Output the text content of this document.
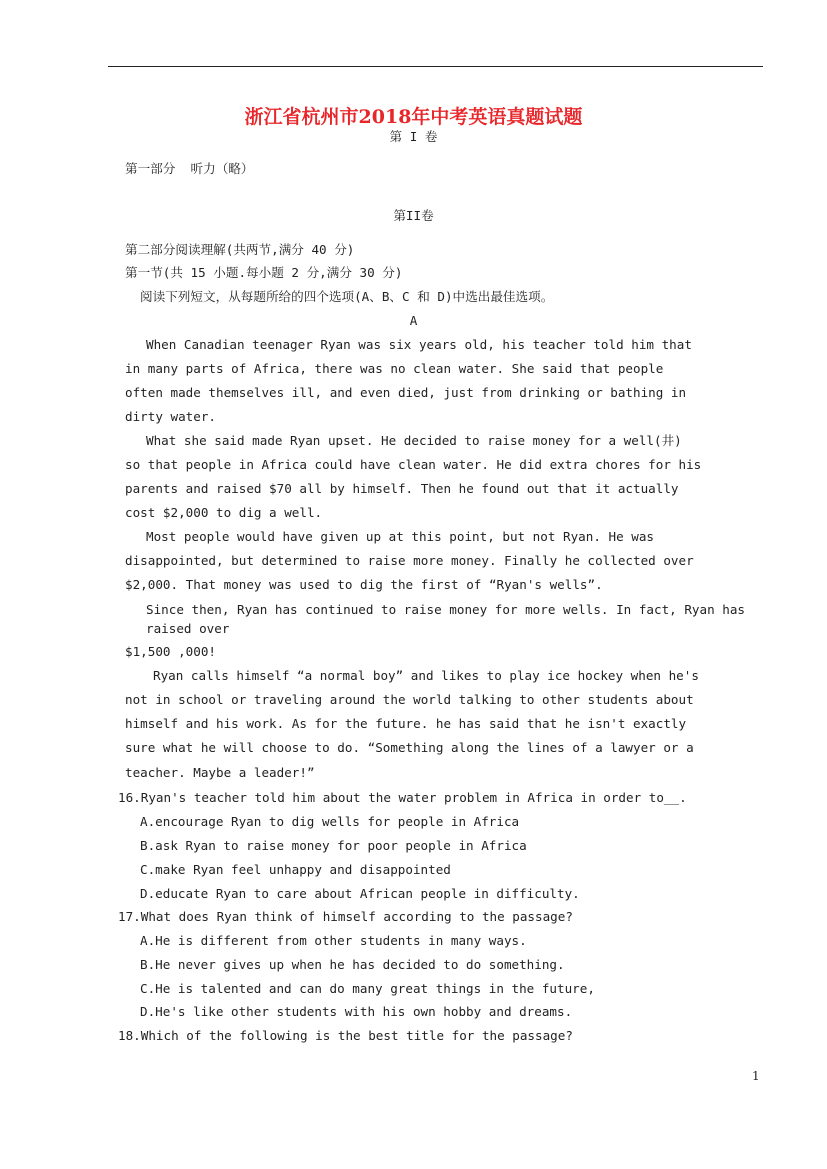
浙江省杭州市2018年中考英语真题试题
第 I 卷
第一部分  听力（略）
第II卷
第二部分阅读理解(共两节,满分 40 分)
第一节(共 15 小题.每小题 2 分,满分 30 分)
阅读下列短文，从每题所给的四个选项(A、B、C 和 D)中选出最佳选项。
A
When Canadian teenager Ryan was six years old, his teacher told him that
in many parts of Africa, there was no clean water. She said that people
often made themselves ill, and even died, just from drinking or bathing in
dirty water.
What she said made Ryan upset. He decided to raise money for a well(井)
so that people in Africa could have clean water. He did extra chores for his
parents and raised $70 all by himself. Then he found out that it actually
cost $2,000 to dig a well.
Most people would have given up at this point, but not Ryan. He was
disappointed, but determined to raise more money. Finally he collected over
$2,000. That money was used to dig the first of “Ryan's wells”.
Since then, Ryan has continued to raise money for more wells. In fact, Ryan has
raised over
$1,500 ,000!
Ryan calls himself “a normal boy” and likes to play ice hockey when he's
not in school or traveling around the world talking to other students about
himself and his work. As for the future. he has said that he isn't exactly
sure what he will choose to do. “Something along the lines of a lawyer or a
teacher. Maybe a leader!”
16.Ryan's teacher told him about the water problem in Africa in order to__.
A.encourage Ryan to dig wells for people in Africa
B.ask Ryan to raise money for poor people in Africa
C.make Ryan feel unhappy and disappointed
D.educate Ryan to care about African people in difficulty.
17.What does Ryan think of himself according to the passage?
A.He is different from other students in many ways.
B.He never gives up when he has decided to do something.
C.He is talented and can do many great things in the future,
D.He's like other students with his own hobby and dreams.
18.Which of the following is the best title for the passage?
1
